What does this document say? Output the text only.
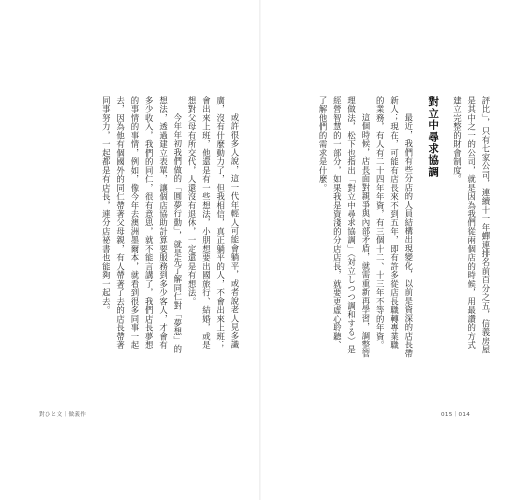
評比」，只有七家公司，連續十一年蟬連排名前百分之五，信義房屋是其中之一的公司，就是因為我們從兩個店的時候，用最讚的方式建立完整的財會制度。

對立中尋求協調

最近，我們有些分店的人員結構出現變化，以前是資深的店長帶新人；現在，可能有店長來不到五年，即有許多從店長職轉專業職的業務，有人有二十四年年資，有三個十二、十三年不等的年資。

這個時候，店長面對親爭與內部矛盾，就需重新再學習，調整管理做法，松下也指出「對立中尋求協調」（対立しつつ調和する）是經營智慧的一部分，如果我是資淺的分店店長，就要更虛心聆聽、了解他們的需求是什麼。

或許很多人說，這一代年輕人可能會躺平，或者說老人見多識廣，沒有什麼動力了，但我相信，真正躺平的人，不會出來上班；會出來上班，他還是有一些想法，小朋想要出國旅行、結婚，或是想對父母有所交代，人還沒有退休，一定還是有想法。

今年年初我們做的「圓夢行動」，就是先了解同仁對「夢想」的想法，透過建立表單，讓個店協助計算要服務到多少客人，才會有多少收入，我們的同仁，很有意思，就不能言講了，我們店長夢想的事情的事情，例如，像今年去澳洲墨爾本，就看到很多同事一起去，因為他有個國外的同仁帶著父母親，有人帶著了去的店長帶著同事努力，一起都是有店長，連分店祕書也能夠一起去。

對ひと文｜做義作	015｜014
